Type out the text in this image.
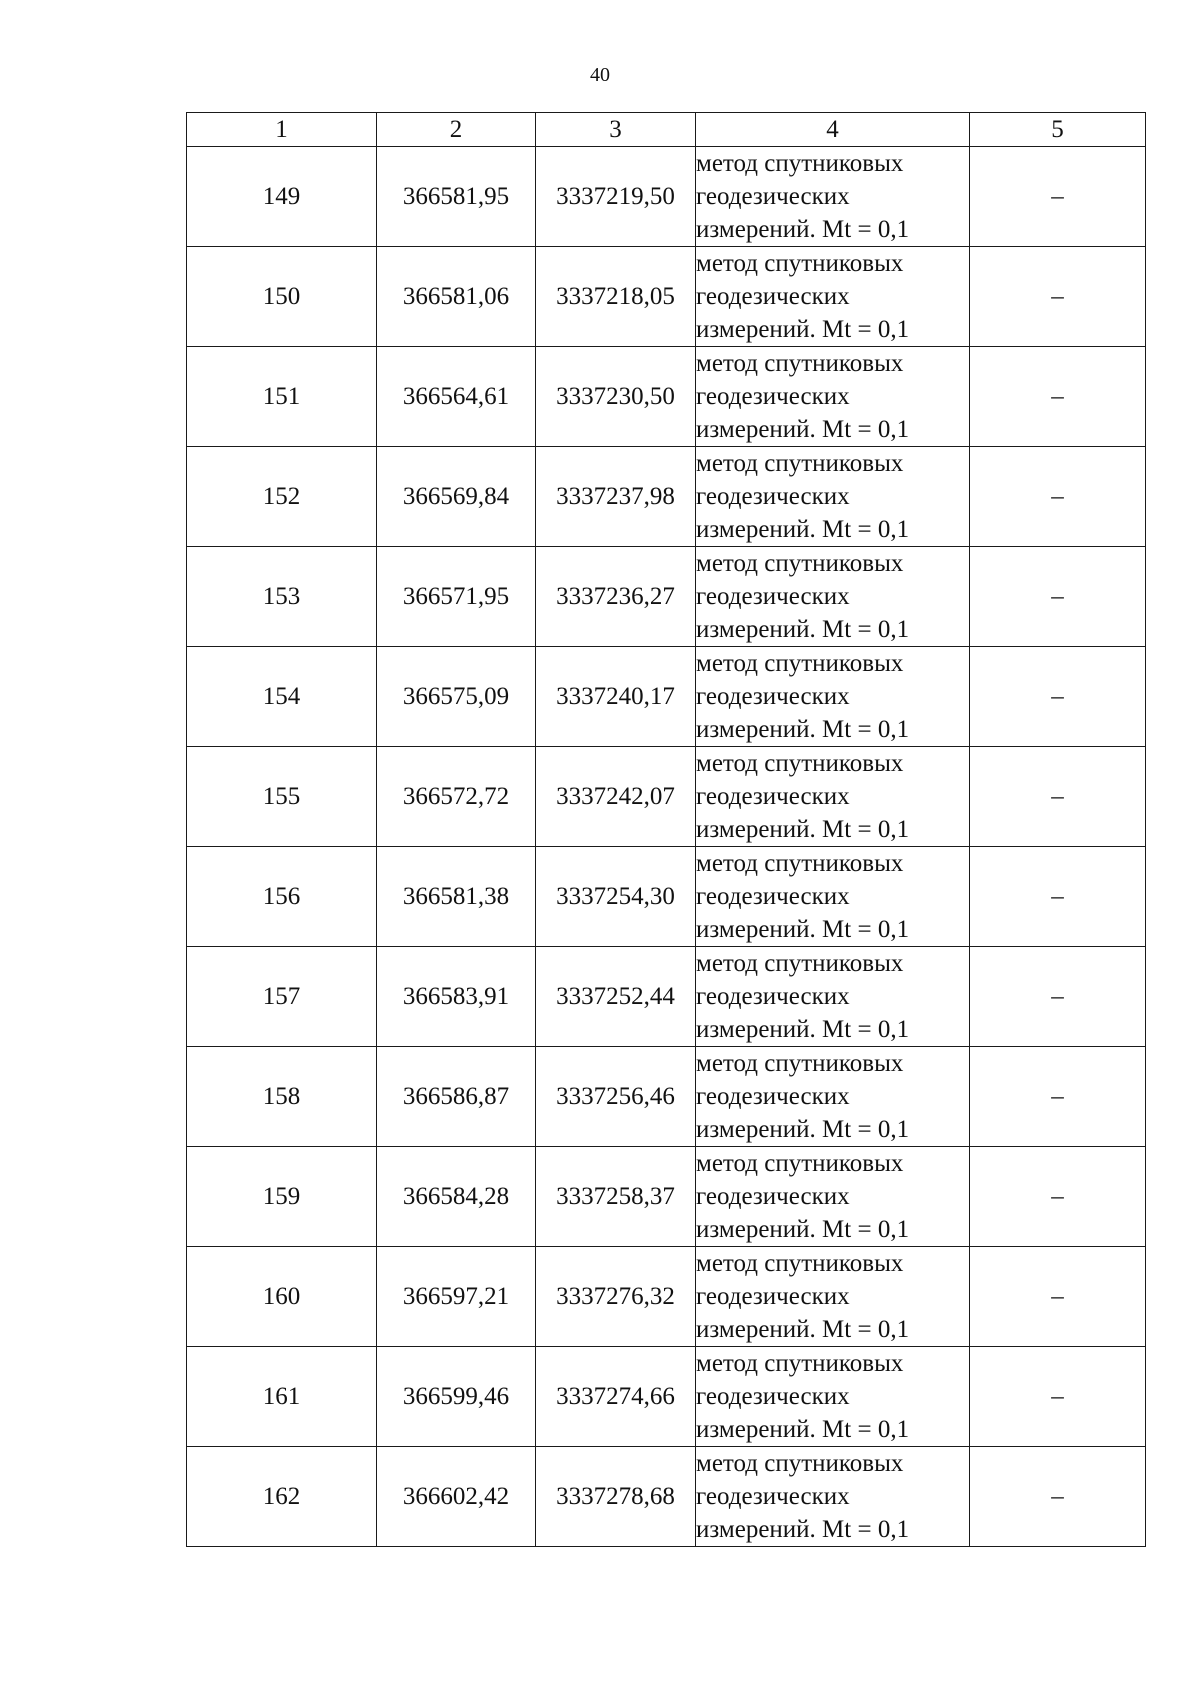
40
1	2	3	4	5
149	366581,95	3337219,50	метод спутниковых
геодезических
измерений. Mt = 0,1	–
150	366581,06	3337218,05	метод спутниковых
геодезических
измерений. Mt = 0,1	–
151	366564,61	3337230,50	метод спутниковых
геодезических
измерений. Mt = 0,1	–
152	366569,84	3337237,98	метод спутниковых
геодезических
измерений. Mt = 0,1	–
153	366571,95	3337236,27	метод спутниковых
геодезических
измерений. Mt = 0,1	–
154	366575,09	3337240,17	метод спутниковых
геодезических
измерений. Mt = 0,1	–
155	366572,72	3337242,07	метод спутниковых
геодезических
измерений. Mt = 0,1	–
156	366581,38	3337254,30	метод спутниковых
геодезических
измерений. Mt = 0,1	–
157	366583,91	3337252,44	метод спутниковых
геодезических
измерений. Mt = 0,1	–
158	366586,87	3337256,46	метод спутниковых
геодезических
измерений. Mt = 0,1	–
159	366584,28	3337258,37	метод спутниковых
геодезических
измерений. Mt = 0,1	–
160	366597,21	3337276,32	метод спутниковых
геодезических
измерений. Mt = 0,1	–
161	366599,46	3337274,66	метод спутниковых
геодезических
измерений. Mt = 0,1	–
162	366602,42	3337278,68	метод спутниковых
геодезических
измерений. Mt = 0,1	–
